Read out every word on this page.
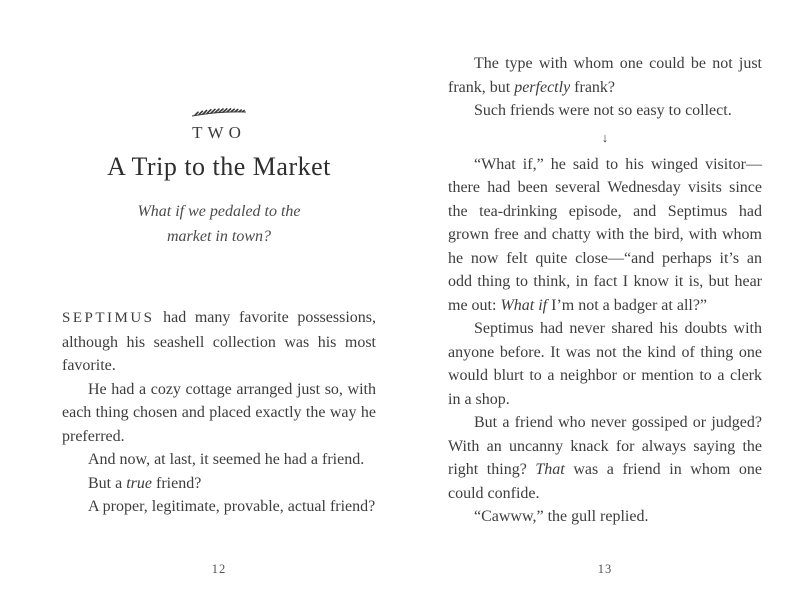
TWO
A Trip to the Market
What if we pedaled to the
market in town?

SEPTIMUS had many favorite possessions, although his seashell collection was his most favorite.

He had a cozy cottage arranged just so, with each thing chosen and placed exactly the way he preferred.

And now, at last, it seemed he had a friend.

But a true friend?

A proper, legitimate, provable, actual friend?

12

The type with whom one could be not just frank, but perfectly frank?

Such friends were not so easy to collect.

↓

“What if,” he said to his winged visitor—there had been several Wednesday visits since the tea-drinking episode, and Septimus had grown free and chatty with the bird, with whom he now felt quite close—“and perhaps it’s an odd thing to think, in fact I know it is, but hear me out: What if I’m not a badger at all?”

Septimus had never shared his doubts with anyone before. It was not the kind of thing one would blurt to a neighbor or mention to a clerk in a shop.

But a friend who never gossiped or judged? With an uncanny knack for always saying the right thing? That was a friend in whom one could confide.

“Cawww,” the gull replied.

13
